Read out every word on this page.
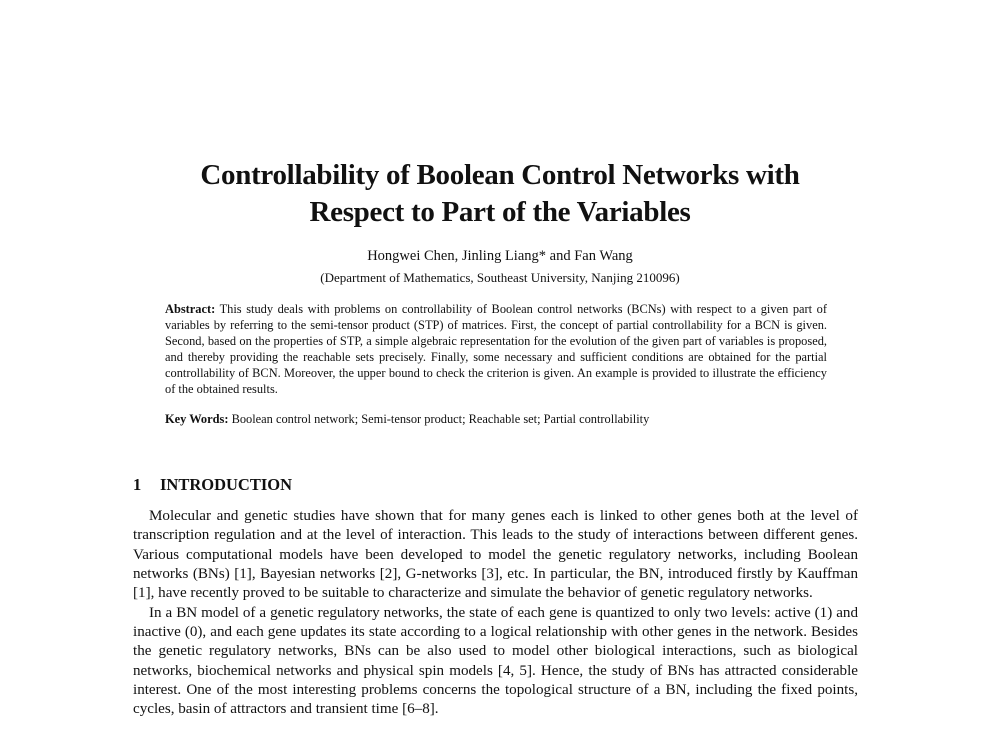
Controllability of Boolean Control Networks with
Respect to Part of the Variables
Hongwei Chen, Jinling Liang* and Fan Wang
(Department of Mathematics, Southeast University, Nanjing 210096)

Abstract: This study deals with problems on controllability of Boolean control networks (BCNs) with respect to a given part of variables by referring to the semi-tensor product (STP) of matrices. First, the concept of partial controllability for a BCN is given. Second, based on the properties of STP, a simple algebraic representation for the evolution of the given part of variables is proposed, and thereby providing the reachable sets precisely. Finally, some necessary and sufficient conditions are obtained for the partial controllability of BCN. Moreover, the upper bound to check the criterion is given. An example is provided to illustrate the efficiency of the obtained results.

Key Words: Boolean control network; Semi-tensor product; Reachable set; Partial controllability

1 INTRODUCTION

Molecular and genetic studies have shown that for many genes each is linked to other genes both at the level of transcription regulation and at the level of interaction. This leads to the study of interactions between different genes. Various computational models have been developed to model the genetic regulatory networks, including Boolean networks (BNs) [1], Bayesian networks [2], G-networks [3], etc. In particular, the BN, introduced firstly by Kauffman [1], have recently proved to be suitable to characterize and simulate the behavior of genetic regulatory networks.

In a BN model of a genetic regulatory networks, the state of each gene is quantized to only two levels: active (1) and inactive (0), and each gene updates its state according to a logical relationship with other genes in the network. Besides the genetic regulatory networks, BNs can be also used to model other biological interactions, such as biological networks, biochemical networks and physical spin models [4, 5]. Hence, the study of BNs has attracted considerable interest. One of the most interesting problems concerns the topological structure of a BN, including the fixed points, cycles, basin of attractors and transient time [6–8].
